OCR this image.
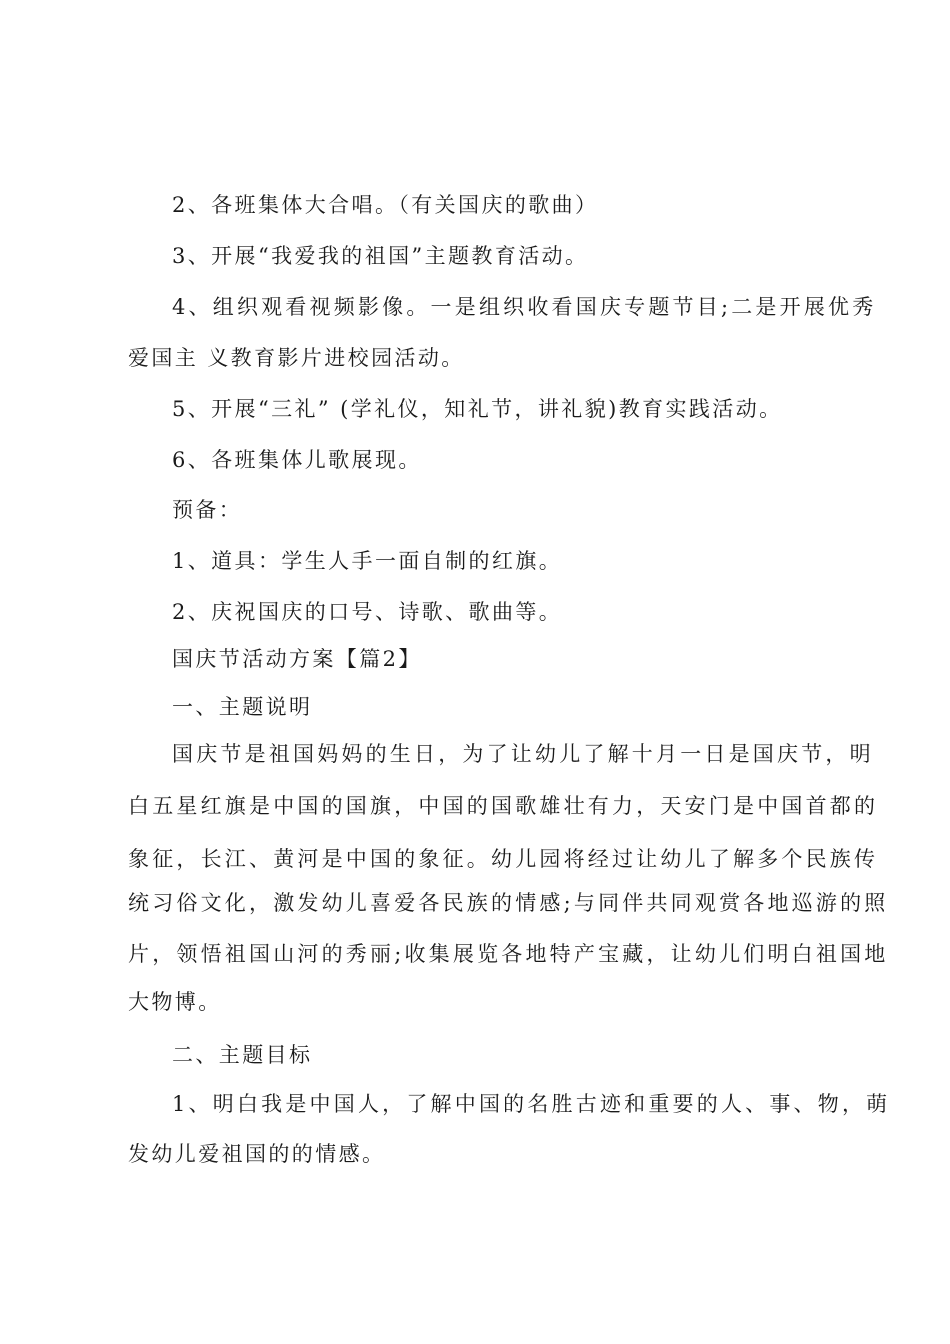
2、各班集体大合唱。（有关国庆的歌曲）
3、开展“我爱我的祖国”主题教育活动。
4、组织观看视频影像。一是组织收看国庆专题节目;二是开展优秀
爱国主 义教育影片进校园活动。
5、开展“三礼” (学礼仪，知礼节，讲礼貌)教育实践活动。
6、各班集体儿歌展现。
预备：
1、道具：学生人手一面自制的红旗。
2、庆祝国庆的口号、诗歌、歌曲等。
国庆节活动方案【篇2】
一、主题说明
国庆节是祖国妈妈的生日，为了让幼儿了解十月一日是国庆节，明
白五星红旗是中国的国旗，中国的国歌雄壮有力，天安门是中国首都的
象征，长江、黄河是中国的象征。幼儿园将经过让幼儿了解多个民族传
统习俗文化，激发幼儿喜爱各民族的情感;与同伴共同观赏各地巡游的照
片，领悟祖国山河的秀丽;收集展览各地特产宝藏，让幼儿们明白祖国地
大物博。
二、主题目标
1、明白我是中国人，了解中国的名胜古迹和重要的人、事、物，萌
发幼儿爱祖国的的情感。
